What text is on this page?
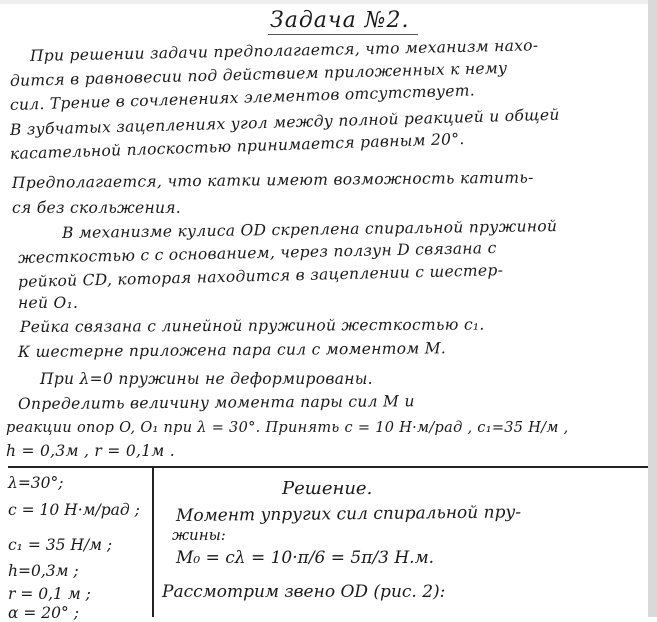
Задача №2.
При решении задачи предполагается, что механизм нахо-
дится в равновесии под действием приложенных к нему
сил. Трение в сочленениях элементов отсутствует.
В зубчатых зацеплениях угол между полной реакцией и общей
касательной плоскостью принимается равным 20°.
Предполагается, что катки имеют возможность катить-
ся без скольжения.
В механизме кулиса OD скреплена спиральной пружиной
жесткостью c с основанием, через ползун D связана с
рейкой CD, которая находится в зацеплении с шестер-
ней O₁.
Рейка связана с линейной пружиной жесткостью c₁.
К шестерне приложена пара сил с моментом M.
При λ=0 пружины не деформированы.
Определить величину момента пары сил M и
реакции опор O, O₁ при λ = 30°. Принять c = 10 Н·м/рад , c₁=35 Н/м ,
h = 0,3м , r = 0,1м .
λ=30°;
c = 10 Н·м/рад ;
c₁ = 35 Н/м ;
h=0,3м ;
r = 0,1 м ;
α = 20° ;
Решение.
Момент упругих сил спиральной пру-
жины:
M₀ = cλ = 10·π/6 = 5π/3 Н.м.
Рассмотрим звено OD (рис. 2):
